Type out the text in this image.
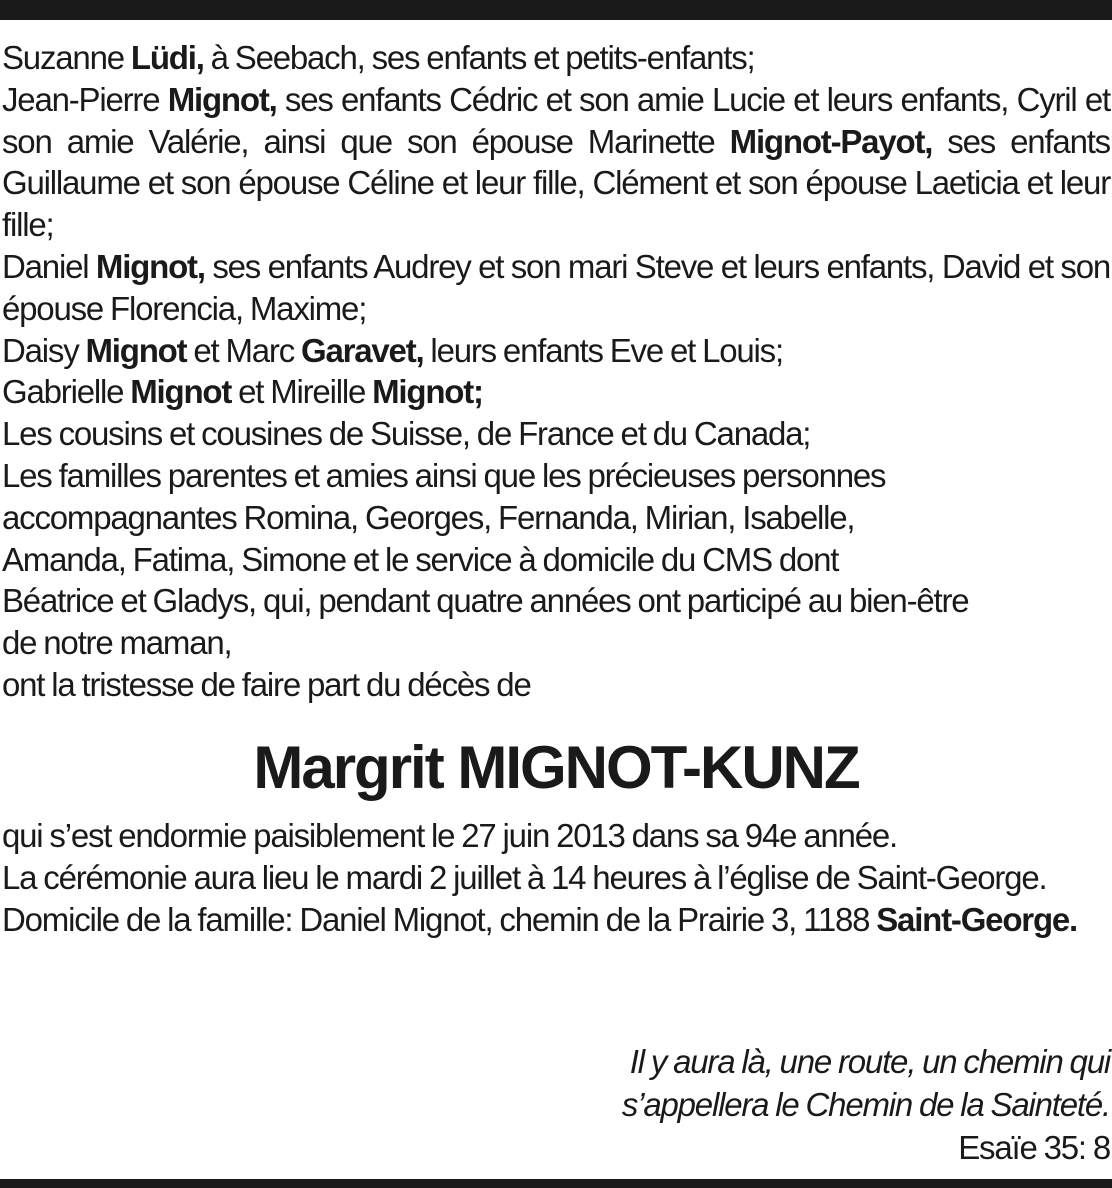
Suzanne Lüdi, à Seebach, ses enfants et petits-enfants;

Jean-Pierre Mignot, ses enfants Cédric et son amie Lucie et leurs enfants, Cyril et son amie Valérie, ainsi que son épouse Marinette Mignot-Payot, ses enfants Guillaume et son épouse Céline et leur fille, Clément et son épouse Laeticia et leur fille;

Daniel Mignot, ses enfants Audrey et son mari Steve et leurs enfants, David et son épouse Florencia, Maxime;

Daisy Mignot et Marc Garavet, leurs enfants Eve et Louis;

Gabrielle Mignot et Mireille Mignot;

Les cousins et cousines de Suisse, de France et du Canada;

Les familles parentes et amies ainsi que les précieuses personnes

accompagnantes Romina, Georges, Fernanda, Mirian, Isabelle,

Amanda, Fatima, Simone et le service à domicile du CMS dont

Béatrice et Gladys, qui, pendant quatre années ont participé au bien-être

de notre maman,

ont la tristesse de faire part du décès de

Margrit MIGNOT-KUNZ

qui s’est endormie paisiblement le 27 juin 2013 dans sa 94e année.

La cérémonie aura lieu le mardi 2 juillet à 14 heures à l’église de Saint-George.

Domicile de la famille: Daniel Mignot, chemin de la Prairie 3, 1188 Saint-George.

Il y aura là, une route, un chemin qui

s’appellera le Chemin de la Sainteté.

Esaïe 35: 8
